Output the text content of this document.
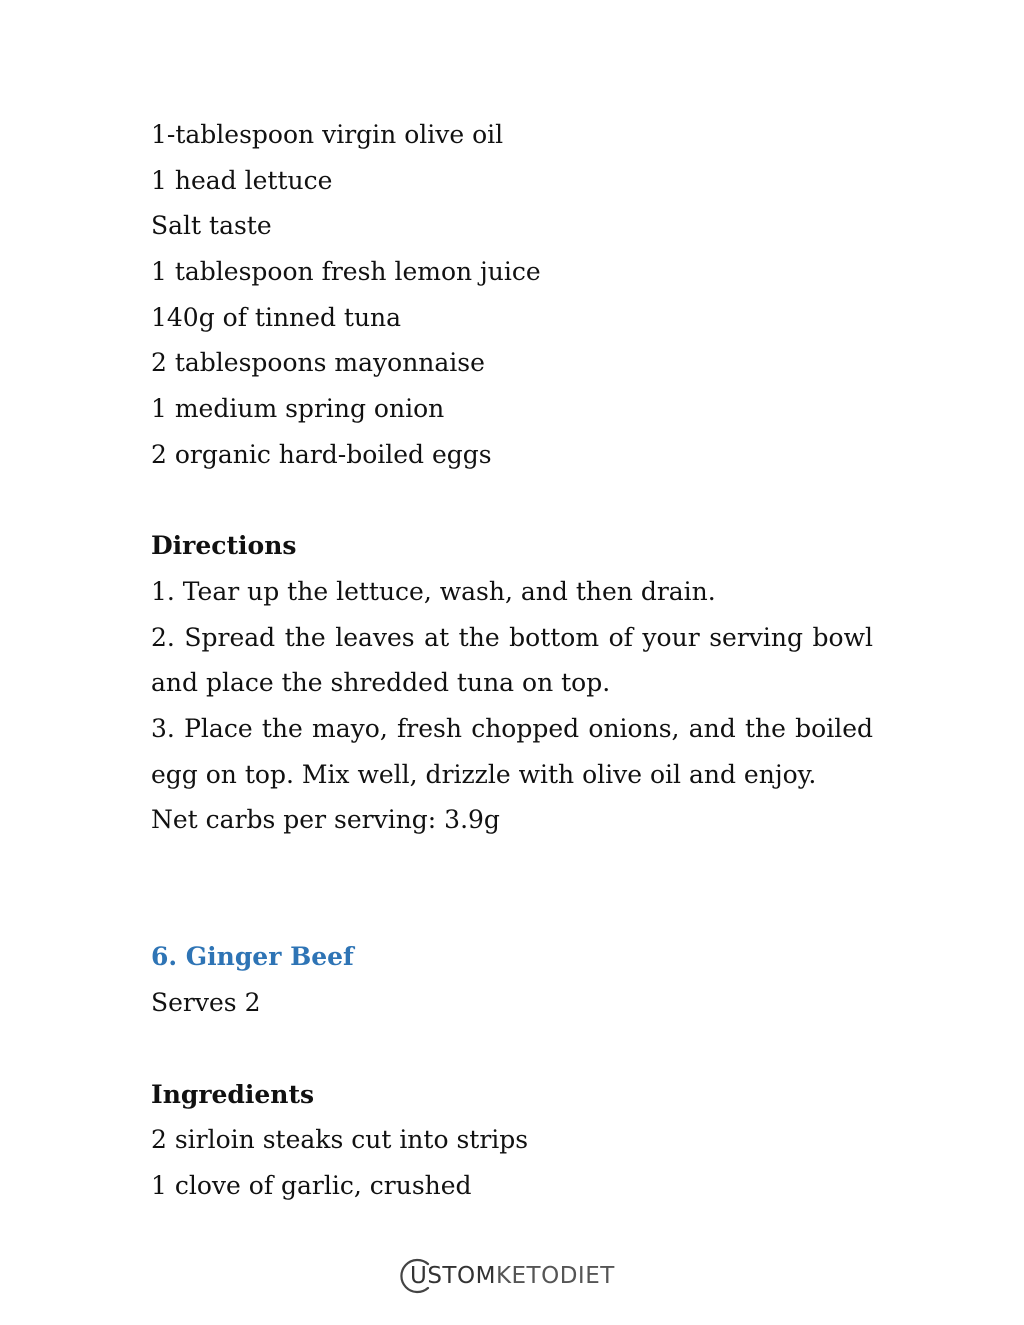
1-tablespoon virgin olive oil

1 head lettuce

Salt taste

1 tablespoon fresh lemon juice

140g of tinned tuna

2 tablespoons mayonnaise

1 medium spring onion

2 organic hard-boiled eggs

Directions

1. Tear up the lettuce, wash, and then drain.

2. Spread the leaves at the bottom of your serving bowl and place the shredded tuna on top.

3. Place the mayo, fresh chopped onions, and the boiled egg on top. Mix well, drizzle with olive oil and enjoy.

Net carbs per serving: 3.9g

6. Ginger Beef

Serves 2

Ingredients

2 sirloin steaks cut into strips

1 clove of garlic, crushed

USTOMKETODIET
